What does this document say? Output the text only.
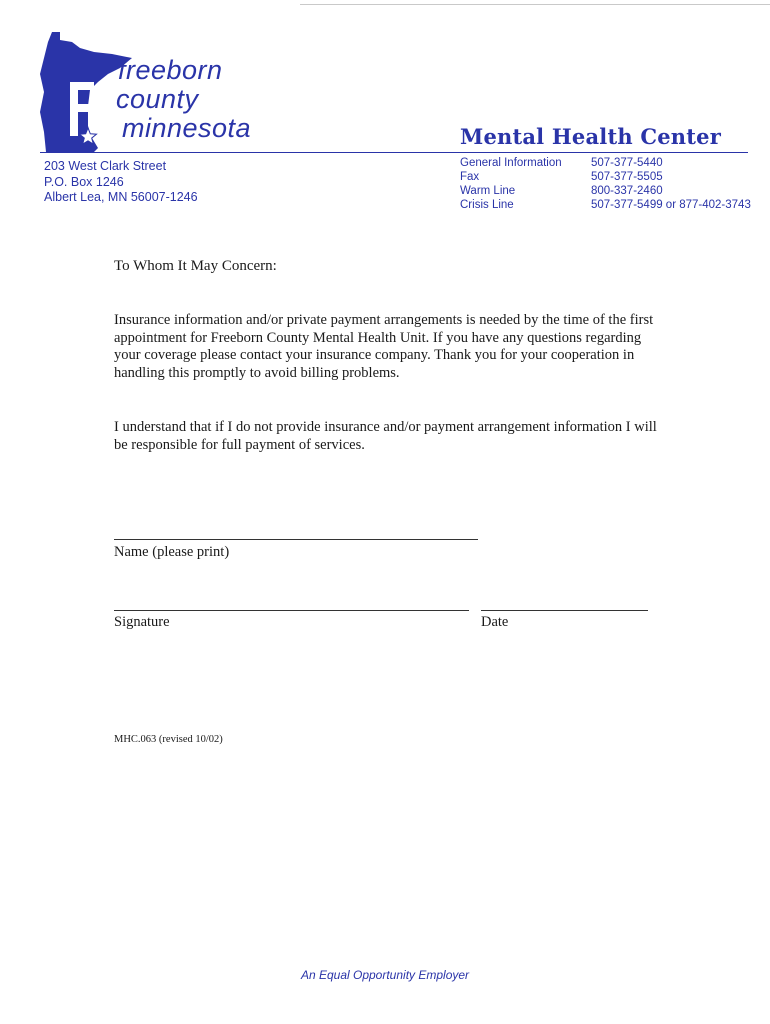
freeborn
county
minnesota	Mental Health Center
203 West Clark Street
P.O. Box 1246
Albert Lea, MN 56007-1246
General Information	507-377-5440
Fax	507-377-5505
Warm Line	800-337-2460
Crisis Line	507-377-5499 or 877-402-3743
To Whom It May Concern:
Insurance information and/or private payment arrangements is needed by the time of the first appointment for Freeborn County Mental Health Unit. If you have any questions regarding your coverage please contact your insurance company. Thank you for your cooperation in handling this promptly to avoid billing problems.
I understand that if I do not provide insurance and/or payment arrangement information I will be responsible for full payment of services.
Name (please print)
Signature	Date
MHC.063 (revised 10/02)
An Equal Opportunity Employer
